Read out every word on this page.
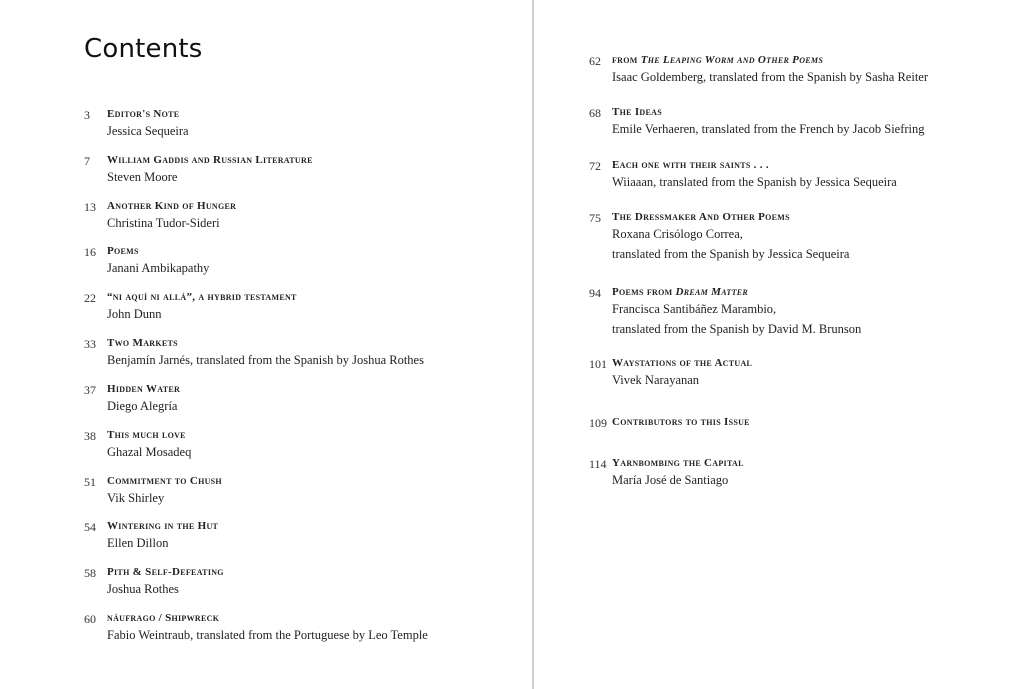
Contents
3	Editor's Note
Jessica Sequeira
7	William Gaddis and Russian Literature
Steven Moore
13	Another Kind of Hunger
Christina Tudor-Sideri
16	Poems
Janani Ambikapathy
22	“ni aquí ni allá”, a hybrid testament
John Dunn
33	Two Markets
Benjamín Jarnés, translated from the Spanish by Joshua Rothes
37	Hidden Water
Diego Alegría
38	This much love
Ghazal Mosadeq
51	Commitment to Chush
Vik Shirley
54	Wintering in the Hut
Ellen Dillon
58	Pith & Self-Defeating
Joshua Rothes
60	náufrago / Shipwreck
Fabio Weintraub, translated from the Portuguese by Leo Temple
62	from The Leaping Worm and Other Poems
Isaac Goldemberg, translated from the Spanish by Sasha Reiter
68	The Ideas
Emile Verhaeren, translated from the French by Jacob Siefring
72	Each one with their saints . . .
Wiiaaan, translated from the Spanish by Jessica Sequeira
75	The Dressmaker And Other Poems
Roxana Crisólogo Correa,
translated from the Spanish by Jessica Sequeira
94	Poems from Dream Matter
Francisca Santibáñez Marambio,
translated from the Spanish by David M. Brunson
101 Waystations of the Actual
Vivek Narayanan
109 Contributors to this Issue
114 Yarnbombing the Capital
María José de Santiago
